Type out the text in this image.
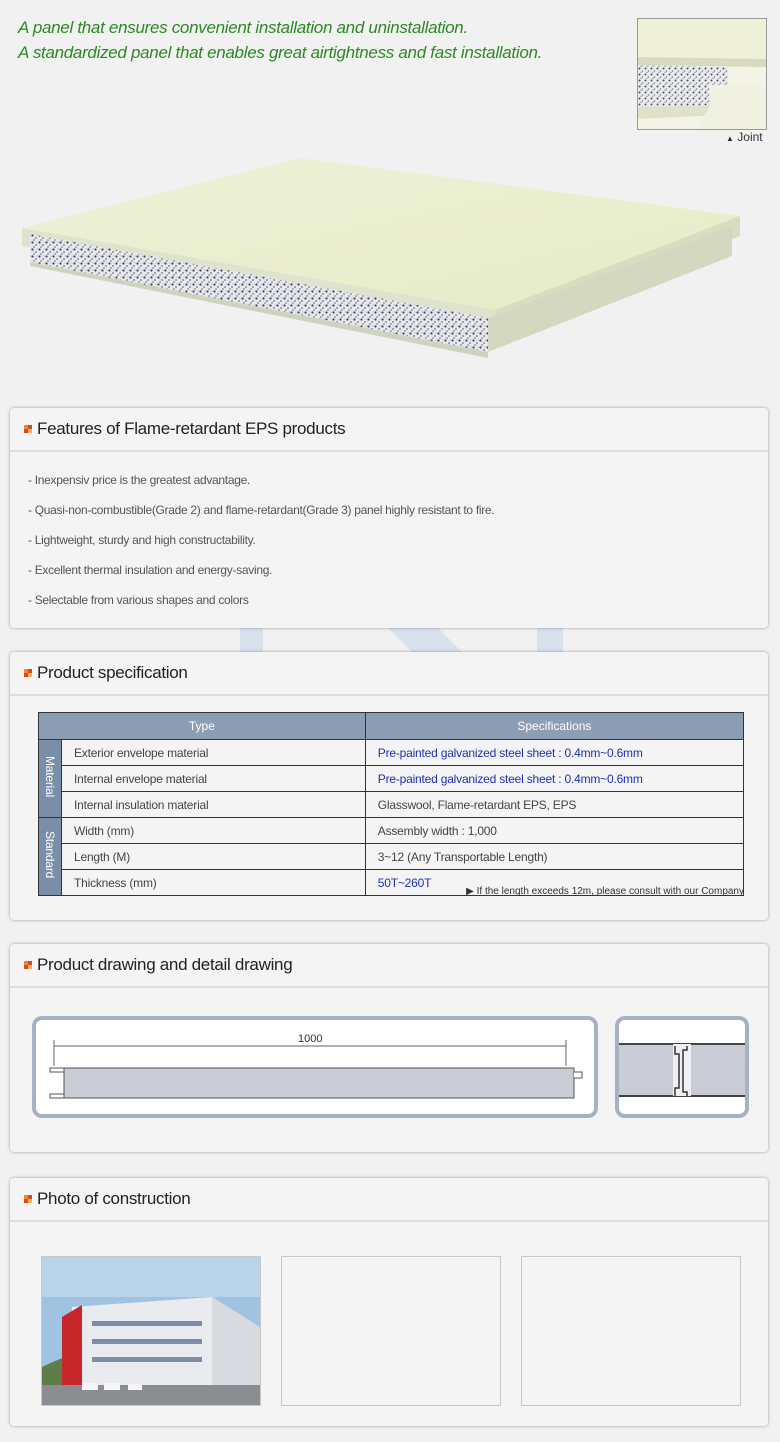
A panel that ensures convenient installation and uninstallation.
A standardized panel that enables great airtightness and fast installation.
▲ Joint
Features of Flame-retardant EPS products
- Inexpensiv price is the greatest advantage.
- Quasi-non-combustible(Grade 2) and flame-retardant(Grade 3) panel highly resistant to fire.
- Lightweight, sturdy and high constructability.
- Excellent thermal insulation and energy-saving.
- Selectable from various shapes and colors
Product specification
Type		Specifications
Material	Exterior envelope material	Pre-painted galvanized steel sheet : 0.4mm~0.6mm
	Internal envelope material	Pre-painted galvanized steel sheet : 0.4mm~0.6mm
	Internal insulation material	Glasswool, Flame-retardant EPS, EPS
Standard	Width (mm)	Assembly width : 1,000
	Length (M)	3~12 (Any Transportable Length)
	Thickness (mm)	50T~260T
▶ If the length exceeds 12m, please consult with our Company
Product drawing and detail drawing
1000
Photo of construction
